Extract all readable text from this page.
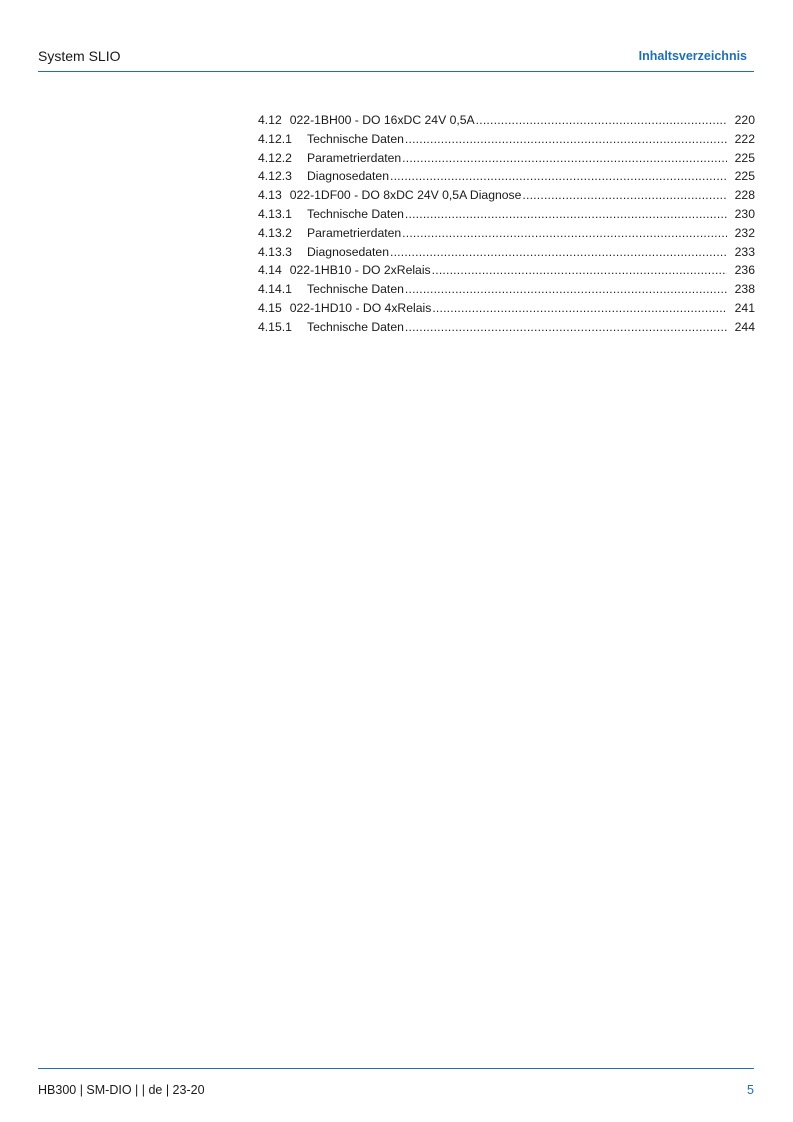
System SLIO	Inhaltsverzeichnis
4.12 022-1BH00 - DO 16xDC 24V 0,5A .....	220
4.12.1	Technische Daten .....	222
4.12.2	Parametrierdaten .....	225
4.12.3	Diagnosedaten .....	225
4.13 022-1DF00 - DO 8xDC 24V 0,5A Diagnose .....	228
4.13.1	Technische Daten .....	230
4.13.2	Parametrierdaten .....	232
4.13.3	Diagnosedaten .....	233
4.14 022-1HB10 - DO 2xRelais .....	236
4.14.1	Technische Daten .....	238
4.15 022-1HD10 - DO 4xRelais .....	241
4.15.1	Technische Daten .....	244
HB300 | SM-DIO | | de | 23-20	5
